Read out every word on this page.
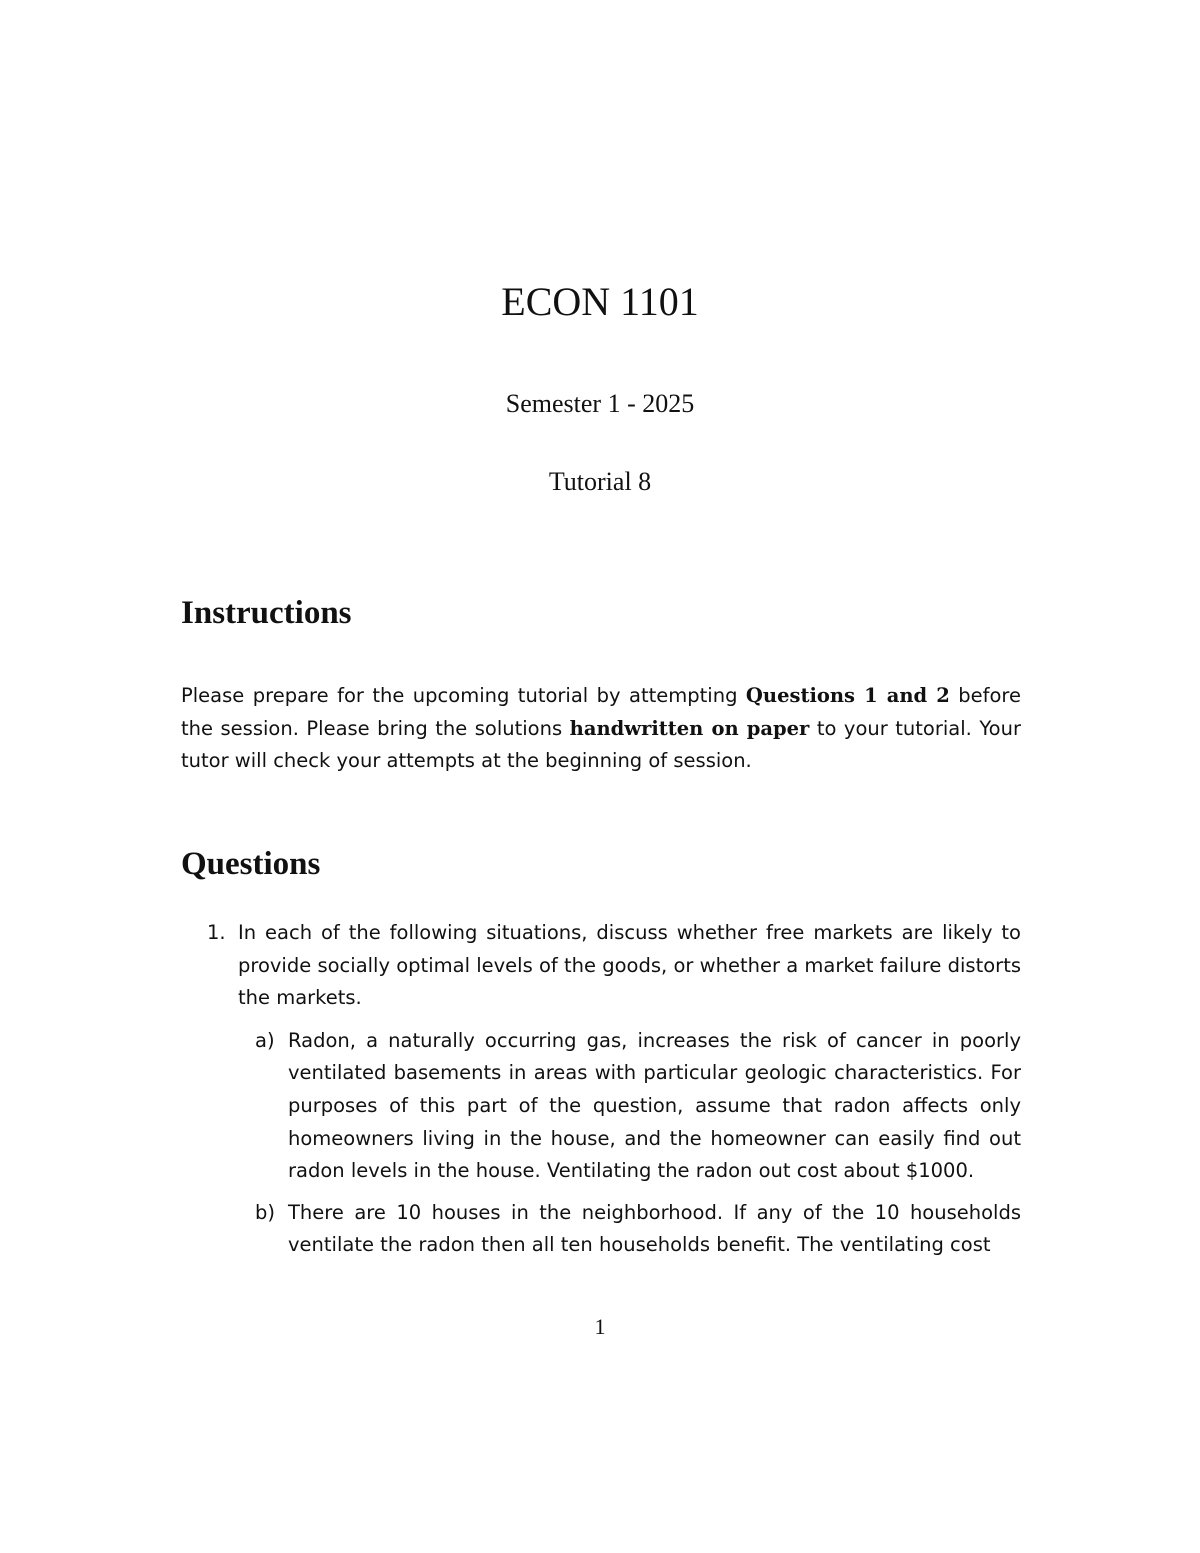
ECON 1101
Semester 1 - 2025
Tutorial 8
Instructions
Please prepare for the upcoming tutorial by attempting Questions 1 and 2 before the session. Please bring the solutions handwritten on paper to your tutorial. Your tutor will check your attempts at the beginning of session.
Questions
1. In each of the following situations, discuss whether free markets are likely to provide socially optimal levels of the goods, or whether a market failure distorts the markets.
a) Radon, a naturally occurring gas, increases the risk of cancer in poorly ventilated basements in areas with particular geologic characteristics. For purposes of this part of the question, assume that radon affects only homeowners living in the house, and the homeowner can easily find out radon levels in the house. Ventilating the radon out cost about $1000.
b) There are 10 houses in the neighborhood. If any of the 10 households ventilate the radon then all ten households benefit. The ventilating cost
1
